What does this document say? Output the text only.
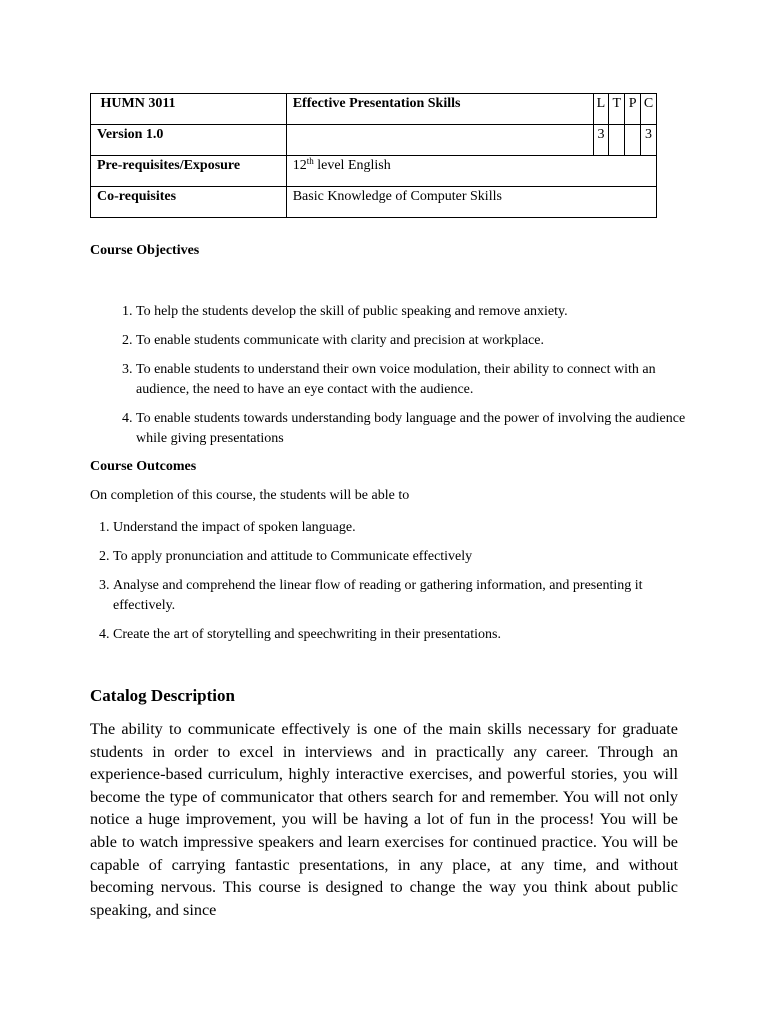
HUMN 3011	Effective Presentation Skills	L	T	P	C
Version 1.0		3			3
Pre-requisites/Exposure	12th level English				
Co-requisites	Basic Knowledge of Computer Skills				
Course Objectives
1. To help the students develop the skill of public speaking and remove anxiety.
2. To enable students communicate with clarity and precision at workplace.
3. To enable students to understand their own voice modulation, their ability to connect with an audience, the need to have an eye contact with the audience.
4. To enable students towards understanding body language and the power of involving the audience while giving presentations
Course Outcomes
On completion of this course, the students will be able to
1. Understand the impact of spoken language.
2. To apply pronunciation and attitude to Communicate effectively
3. Analyse and comprehend the linear flow of reading or gathering information, and presenting it effectively.
4. Create the art of storytelling and speechwriting in their presentations.
Catalog Description

The ability to communicate effectively is one of the main skills necessary for graduate students in order to excel in interviews and in practically any career. Through an experience-based curriculum, highly interactive exercises, and powerful stories, you will become the type of communicator that others search for and remember. You will not only notice a huge improvement, you will be having a lot of fun in the process! You will be able to watch impressive speakers and learn exercises for continued practice. You will be capable of carrying fantastic presentations, in any place, at any time, and without becoming nervous. This course is designed to change the way you think about public speaking, and since
